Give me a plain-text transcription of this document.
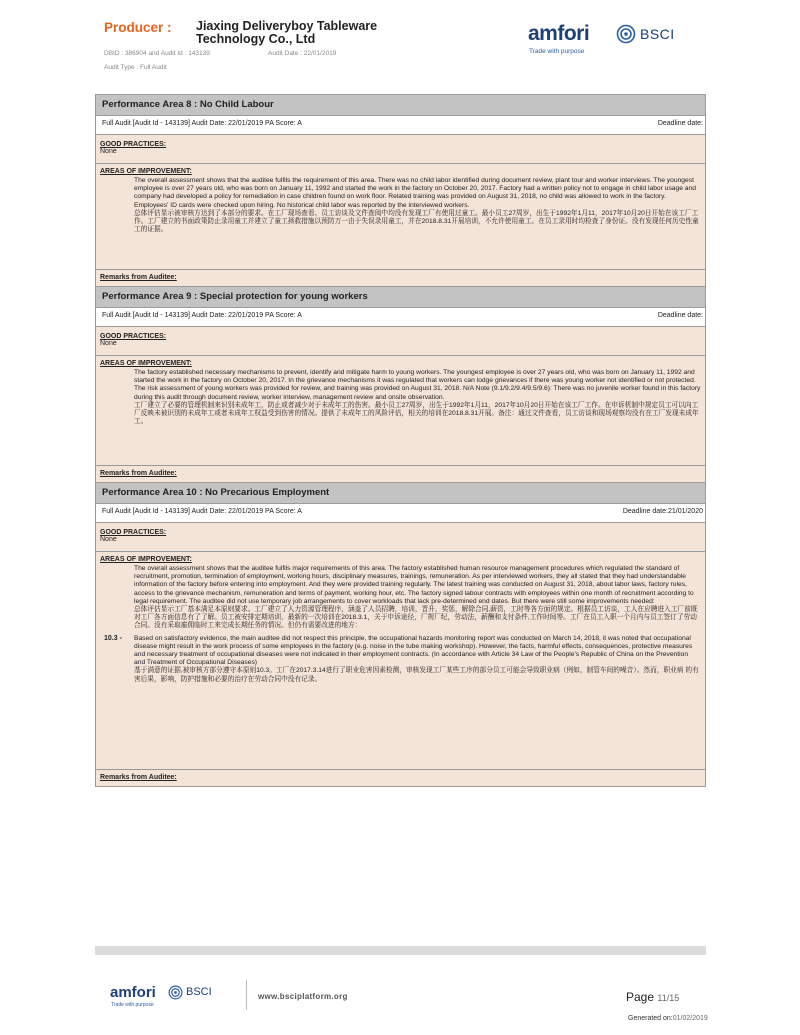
Producer : Jiaxing Deliveryboy Tableware
Technology Co., Ltd
DBID : 386904 and Audit Id : 143139	Audit Date : 22/01/2019
Audit Type : Full Audit
amfori
Trade with purpose
BSCI
Performance Area 8 : No Child Labour
Full Audit [Audit Id - 143139] Audit Date: 22/01/2019 PA Score: A	Deadline date:
GOOD PRACTICES:
None
AREAS OF IMPROVEMENT:
The overall assessment shows that the auditee fulfils the requirement of this area. There was no child labor identified during document review, plant tour and worker interviews. The youngest employee is over 27 years old, who was born on January 11, 1992 and started the work in the factory on October 20, 2017. Factory had a written policy not to engage in child labor usage and company had developed a policy for remediation in case children found on work floor. Related training was provided on August 31, 2018, no child was allowed to work in the factory. Employees' ID cards were checked upon hiring. No historical child labor was reported by the interviewed workers.
总体评估显示被审核方达到了本部分的要求。在工厂现场查看、员工访谈及文件查阅中均没有发现工厂有使用过童工。最小员工27周岁，出生于1992年1月11，2017年10月20日开始在该工厂工作。工厂建立的书面政策防止录用童工并建立了童工拯救措施以预防万一由于失误录用童工，并在2018.8.31开展培训，不允许使用童工。在员工录用时均检查了身份证。没有发现任何历史性童工的证据。
Remarks from Auditee:
Performance Area 9 : Special protection for young workers
Full Audit [Audit Id - 143139] Audit Date: 22/01/2019 PA Score: A	Deadline date:
GOOD PRACTICES:
None
AREAS OF IMPROVEMENT:
The factory established necessary mechanisms to prevent, identify and mitigate harm to young workers. The youngest employee is over 27 years old, who was born on January 11, 1992 and started the work in the factory on October 20, 2017. In the grievance mechanisms it was regulated that workers can lodge grievances if there was young worker not identified or not protected. The risk assessment of young workers was provided for review, and training was provided on August 31, 2018. N/A Note (9.1/9.2/9.4/9.5/9.6): There was no juvenile worker found in this factory during this audit through document review, worker interview, management review and onsite observation.
工厂建立了必要的管理机制来识别未成年工，防止或者减少对于未成年工的伤害。最小员工27周岁，出生于1992年1月11，2017年10月20日开始在该工厂工作。在申诉机制中规定员工可以向工厂反映未被识别的未成年工或者未成年工权益受到伤害的情况。提供了未成年工的风险评估，相关的培训在2018.8.31开展。备注：通过文件查看，员工访谈和现场观察均没有在工厂发现未成年工。
Remarks from Auditee:
Performance Area 10 : No Precarious Employment
Full Audit [Audit Id - 143139] Audit Date: 22/01/2019 PA Score: A	Deadline date:21/01/2020
GOOD PRACTICES:
None
AREAS OF IMPROVEMENT:
The overall assessment shows that the auditee fulfils major requirements of this area. The factory established human resource management procedures which regulated the standard of recruitment, promotion, termination of employment, working hours, disciplinary measures, trainings, remuneration. As per interviewed workers, they all stated that they had understandable information of the factory before entering into employment. And they were provided training regularly. The latest training was conducted on August 31, 2018, about labor laws, factory rules, access to the grievance mechanism, remuneration and terms of payment, working hour, etc. The factory signed labour contracts with employees within one month of recruitment according to legal requirement. The auditee did not use temporary job arrangements to cover workloads that lack pre-determined end dates. But there were still some improvements needed:
总体评估显示工厂基本满足本原则要求。工厂建立了人力资源管理程序，涵盖了人员招聘，培训，晋升，奖惩，解除合同,薪资，工时等各方面的规定。根据员工访谈，工人在应聘进入工厂前既对工厂各方面信息有了了解。员工被安排定期培训，最新的一次培训在2018.3.1，关于申诉途径，厂规厂纪，劳动法，薪酬和支付条件,工作时间等。工厂在员工入职一个月内与员工签订了劳动合同。没有采取雇佣临时工来完成长期任务的情况。但仍有需要改进的地方：
10.3 -	Based on satisfactory evidence, the main auditee did not respect this principle, the occupational hazards monitoring report was conducted on March 14, 2018, it was noted that occupational disease might result in the work process of some employees in the factory (e.g. noise in the tube making workshop). However, the facts, harmful effects, consequences, protective measures and necessary treatment of occupational diseases were not indicated in their employment contracts. (In accordance with Article 34 Law of the People's Republic of China on the Prevention and Treatment of Occupational Diseases)
基于满意的证据,被审核方部分遵守本原则10.3。工厂在2017.3.14进行了职业危害因素检测，审核发现工厂某些工序的部分员工可能会导致职业病（例如，制管车间的噪音）。然而，职业病 的有害后果，影响，防护措施和必要的治疗在劳动合同中没有记录。
Remarks from Auditee:
amfori
Trade with purpose
BSCI	www.bsciplatform.org	Page 11/15
Generated on:01/02/2019
